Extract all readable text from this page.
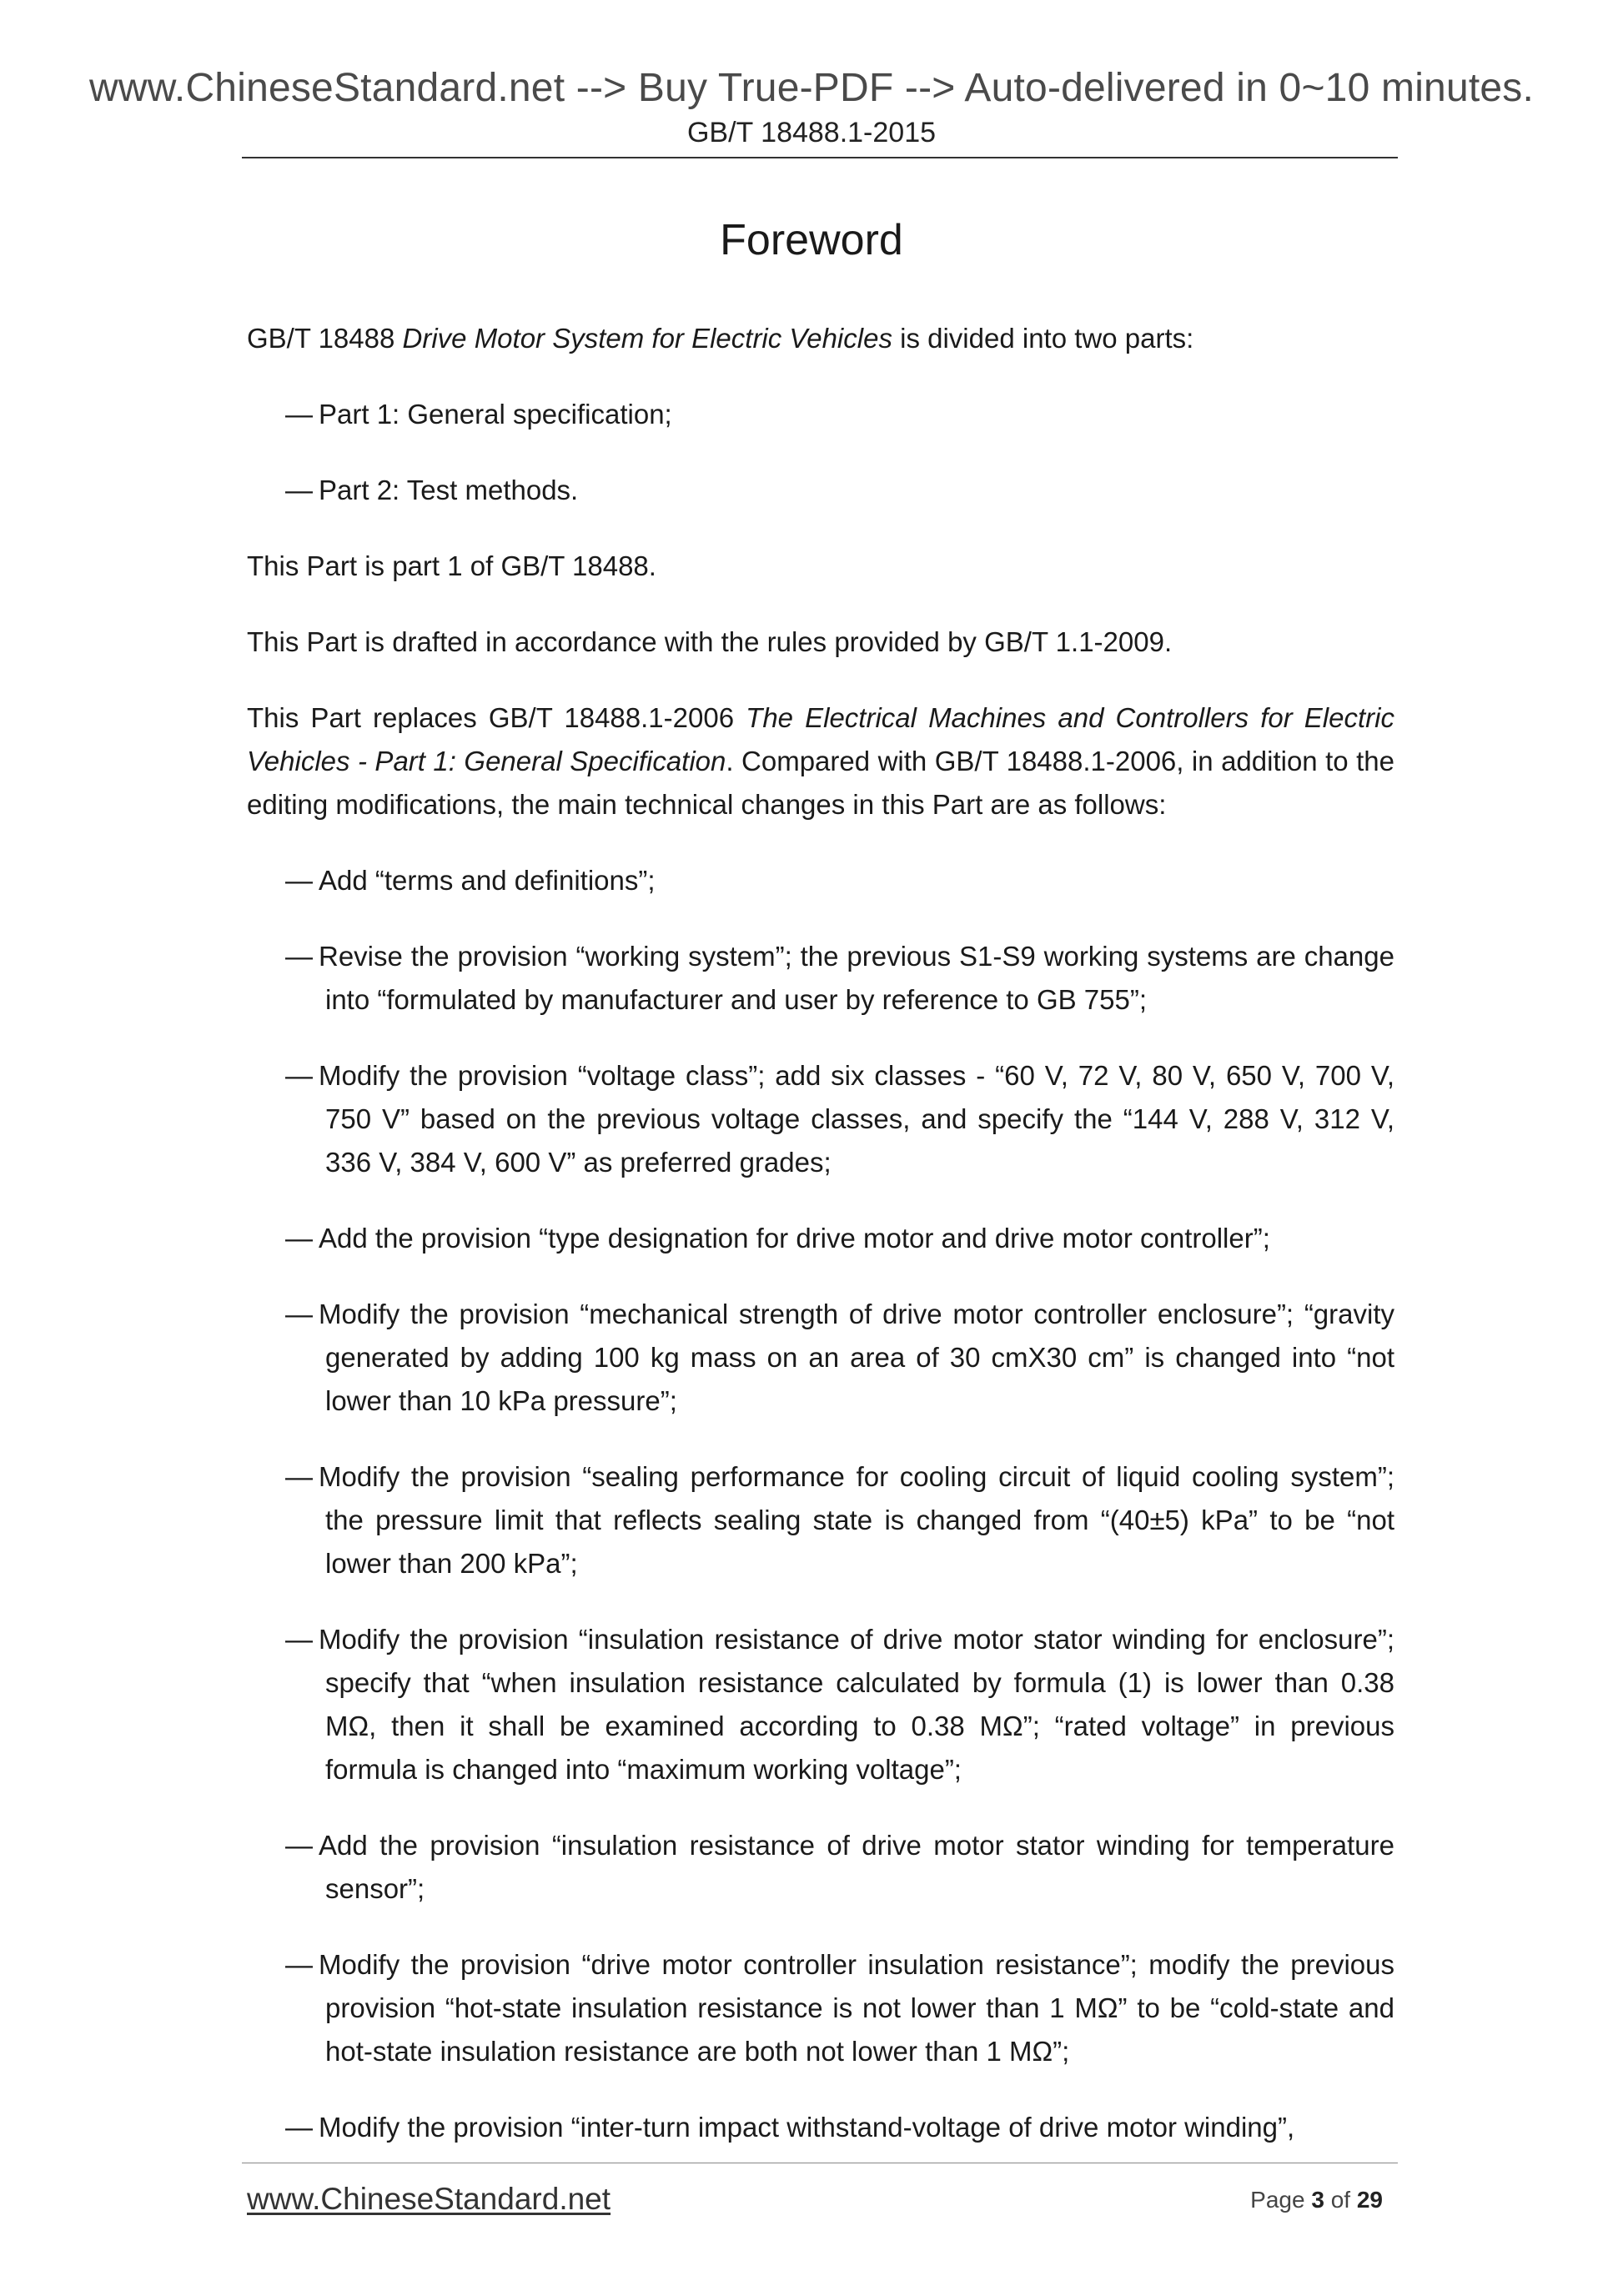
www.ChineseStandard.net --> Buy True-PDF --> Auto-delivered in 0~10 minutes.
GB/T 18488.1-2015
Foreword

GB/T 18488 Drive Motor System for Electric Vehicles is divided into two parts:

— Part 1: General specification;

— Part 2: Test methods.

This Part is part 1 of GB/T 18488.

This Part is drafted in accordance with the rules provided by GB/T 1.1-2009.

This Part replaces GB/T 18488.1-2006 The Electrical Machines and Controllers for Electric Vehicles - Part 1: General Specification. Compared with GB/T 18488.1-2006, in addition to the editing modifications, the main technical changes in this Part are as follows:

— Add “terms and definitions”;

— Revise the provision “working system”; the previous S1-S9 working systems are change into “formulated by manufacturer and user by reference to GB 755”;

— Modify the provision “voltage class”; add six classes - “60 V, 72 V, 80 V, 650 V, 700 V, 750 V” based on the previous voltage classes, and specify the “144 V, 288 V, 312 V, 336 V, 384 V, 600 V” as preferred grades;

— Add the provision “type designation for drive motor and drive motor controller”;

— Modify the provision “mechanical strength of drive motor controller enclosure”; “gravity generated by adding 100 kg mass on an area of 30 cmX30 cm” is changed into “not lower than 10 kPa pressure”;

— Modify the provision “sealing performance for cooling circuit of liquid cooling system”; the pressure limit that reflects sealing state is changed from “(40±5) kPa” to be “not lower than 200 kPa”;

— Modify the provision “insulation resistance of drive motor stator winding for enclosure”; specify that “when insulation resistance calculated by formula (1) is lower than 0.38 MΩ, then it shall be examined according to 0.38 MΩ”; “rated voltage” in previous formula is changed into “maximum working voltage”;

— Add the provision “insulation resistance of drive motor stator winding for temperature sensor”;

— Modify the provision “drive motor controller insulation resistance”; modify the previous provision “hot-state insulation resistance is not lower than 1 MΩ” to be “cold-state and hot-state insulation resistance are both not lower than 1 MΩ”;

— Modify the provision “inter-turn impact withstand-voltage of drive motor winding”,

www.ChineseStandard.net	Page 3 of 29
